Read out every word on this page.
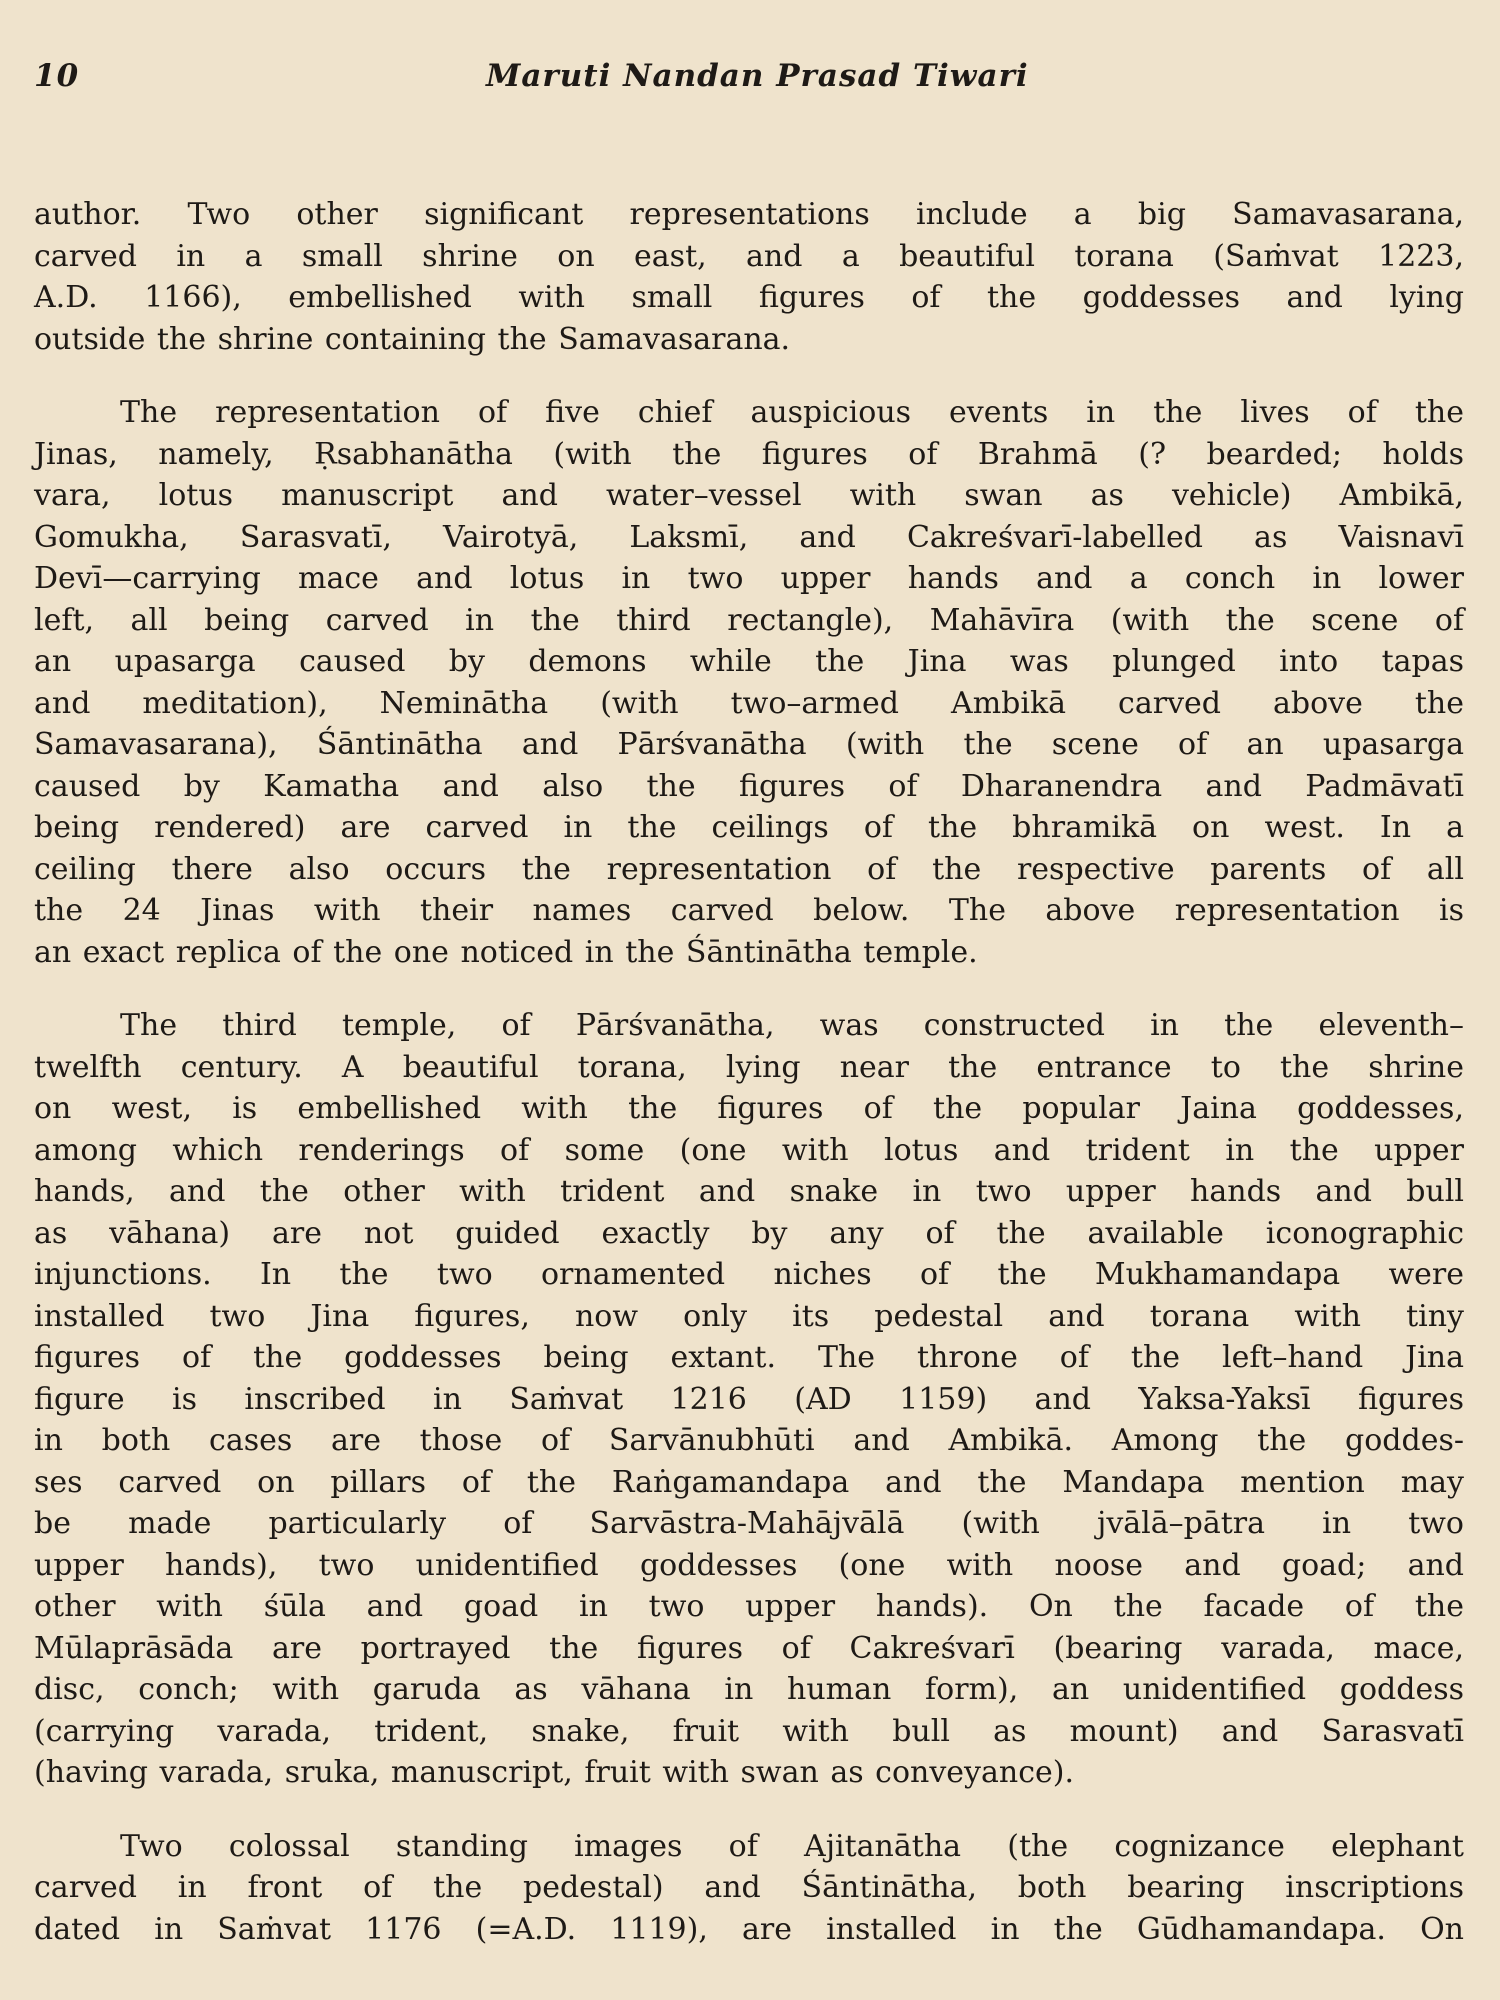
10	Maruti Nandan Prasad Tiwari

author. Two other significant representations include a big Samavasarana,
carved in a small shrine on east, and a beautiful torana (Saṁvat 1223,
A.D. 1166), embellished with small figures of the goddesses and lying
outside the shrine containing the Samavasarana.

The representation of five chief auspicious events in the lives of the
Jinas, namely, Ṛsabhanātha (with the figures of Brahmā (? bearded; holds
vara, lotus manuscript and water–vessel with swan as vehicle) Ambikā,
Gomukha, Sarasvatī, Vairotyā, Laksmī, and Cakreśvarī-labelled as Vaisnavī
Devī—carrying mace and lotus in two upper hands and a conch in lower
left, all being carved in the third rectangle), Mahāvīra (with the scene of
an upasarga caused by demons while the Jina was plunged into tapas
and meditation), Neminātha (with two–armed Ambikā carved above the
Samavasarana), Śāntinātha and Pārśvanātha (with the scene of an upasarga
caused by Kamatha and also the figures of Dharanendra and Padmāvatī
being rendered) are carved in the ceilings of the bhramikā on west. In a
ceiling there also occurs the representation of the respective parents of all
the 24 Jinas with their names carved below. The above representation is
an exact replica of the one noticed in the Śāntinātha temple.

The third temple, of Pārśvanātha, was constructed in the eleventh–
twelfth century. A beautiful torana, lying near the entrance to the shrine
on west, is embellished with the figures of the popular Jaina goddesses,
among which renderings of some (one with lotus and trident in the upper
hands, and the other with trident and snake in two upper hands and bull
as vāhana) are not guided exactly by any of the available iconographic
injunctions. In the two ornamented niches of the Mukhamandapa were
installed two Jina figures, now only its pedestal and torana with tiny
figures of the goddesses being extant. The throne of the left–hand Jina
figure is inscribed in Saṁvat 1216 (AD 1159) and Yaksa-Yaksī figures
in both cases are those of Sarvānubhūti and Ambikā. Among the goddes-
ses carved on pillars of the Raṅgamandapa and the Mandapa mention may
be made particularly of Sarvāstra-Mahājvālā (with jvālā–pātra in two
upper hands), two unidentified goddesses (one with noose and goad; and
other with śūla and goad in two upper hands). On the facade of the
Mūlaprāsāda are portrayed the figures of Cakreśvarī (bearing varada, mace,
disc, conch; with garuda as vāhana in human form), an unidentified goddess
(carrying varada, trident, snake, fruit with bull as mount) and Sarasvatī
(having varada, sruka, manuscript, fruit with swan as conveyance).

Two colossal standing images of Ajitanātha (the cognizance elephant
carved in front of the pedestal) and Śāntinātha, both bearing inscriptions
dated in Saṁvat 1176 (=A.D. 1119), are installed in the Gūdhamandapa. On
